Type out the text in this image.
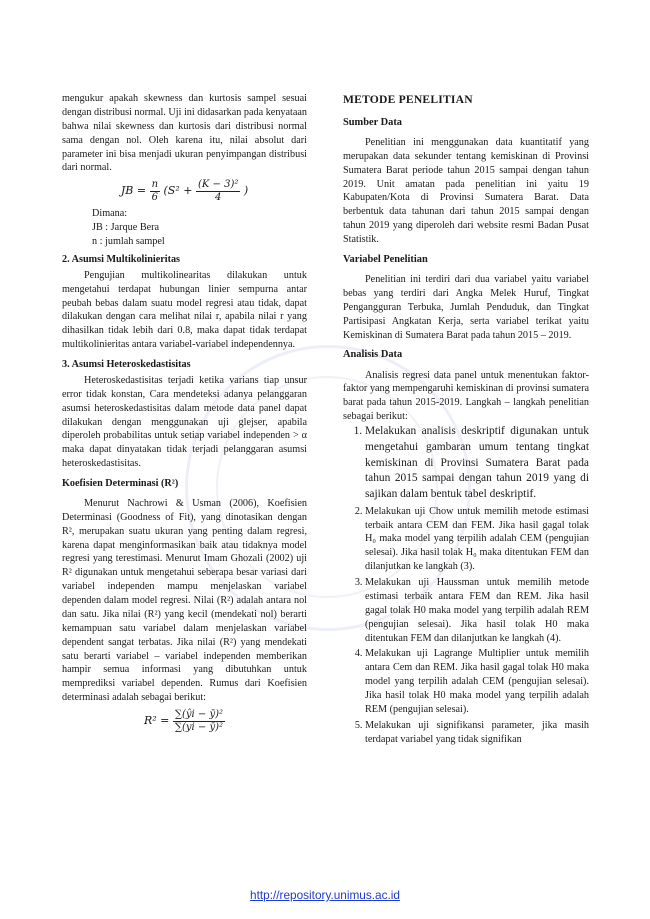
mengukur apakah skewness dan kurtosis sampel sesuai dengan distribusi normal. Uji ini didasarkan pada kenyataan bahwa nilai skewness dan kurtosis dari distribusi normal sama dengan nol. Oleh karena itu, nilai absolut dari parameter ini bisa menjadi ukuran penyimpangan distribusi dari normal.

JB = $\frac{n}{6} (S^2 + \frac{\text{(K − 3)²}}{4}$ )
Dimana:
JB : Jarque Bera
n : jumlah sampel
2. Asumsi Multikolinieritas

Pengujian multikolinearitas dilakukan untuk mengetahui terdapat hubungan linier sempurna antar peubah bebas dalam suatu model regresi atau tidak, dapat dilakukan dengan cara melihat nilai r, apabila nilai r yang dihasilkan tidak lebih dari 0.8, maka dapat tidak terdapat multikolinieritas antara variabel-variabel independennya.

3. Asumsi Heteroskedastisitas

Heteroskedastisitas terjadi ketika varians tiap unsur error tidak konstan, Cara mendeteksi adanya pelanggaran asumsi heteroskedastisitas dalam metode data panel dapat dilakukan dengan menggunakan uji glejser, apabila diperoleh probabilitas untuk setiap variabel independen > α maka dapat dinyatakan tidak terjadi pelanggaran asumsi heteroskedastisitas.

Koefisien Determinasi (R²)

Menurut Nachrowi & Usman (2006), Koefisien Determinasi (Goodness of Fit), yang dinotasikan dengan R², merupakan suatu ukuran yang penting dalam regresi, karena dapat menginformasikan baik atau tidaknya model regresi yang terestimasi. Menurut Imam Ghozali (2002) uji R² digunakan untuk mengetahui seberapa besar variasi dari variabel independen mampu menjelaskan variabel dependen dalam model regresi. Nilai (R²) adalah antara nol dan satu. Jika nilai (R²) yang kecil (mendekati nol) berarti kemampuan satu variabel dalam menjelaskan variabel dependent sangat terbatas. Jika nilai (R²) yang mendekati satu berarti variabel – variabel independen memberikan hampir semua informasi yang dibutuhkan untuk memprediksi variabel dependen. Rumus dari Koefisien determinasi adalah sebagai berikut:

$R^2 = \frac{\text{∑(ŷi − ȳ)²}}{\text{∑(yi − ȳ)²}}$
METODE PENELITIAN
Sumber Data

Penelitian ini menggunakan data kuantitatif yang merupakan data sekunder tentang kemiskinan di Provinsi Sumatera Barat periode tahun 2015 sampai dengan tahun 2019. Unit amatan pada penelitian ini yaitu 19 Kabupaten/Kota di Provinsi Sumatera Barat. Data berbentuk data tahunan dari tahun 2015 sampai dengan tahun 2019 yang diperoleh dari website resmi Badan Pusat Statistik.

Variabel Penelitian

Penelitian ini terdiri dari dua variabel yaitu variabel bebas yang terdiri dari Angka Melek Huruf, Tingkat Pengangguran Terbuka, Jumlah Penduduk, dan Tingkat Partisipasi Angkatan Kerja, serta variabel terikat yaitu Kemiskinan di Sumatera Barat pada tahun 2015 – 2019.

Analisis Data

Analisis regresi data panel untuk menentukan faktor-faktor yang mempengaruhi kemiskinan di provinsi sumatera barat pada tahun 2015-2019. Langkah – langkah penelitian sebagai berikut:

1. Melakukan analisis deskriptif digunakan untuk mengetahui gambaran umum tentang tingkat kemiskinan di Provinsi Sumatera Barat pada tahun 2015 sampai dengan tahun 2019 yang di sajikan dalam bentuk tabel deskriptif.
2. Melakukan uji Chow untuk memilih metode estimasi terbaik antara CEM dan FEM. Jika hasil gagal tolak H₀ maka model yang terpilih adalah CEM (pengujian selesai). Jika hasil tolak H₀ maka ditentukan FEM dan dilanjutkan ke langkah (3).
3. Melakukan uji Haussman untuk memilih metode estimasi terbaik antara FEM dan REM. Jika hasil gagal tolak H0 maka model yang terpilih adalah REM (pengujian selesai). Jika hasil tolak H0 maka ditentukan FEM dan dilanjutkan ke langkah (4).
4. Melakukan uji Lagrange Multiplier untuk memilih antara Cem dan REM. Jika hasil gagal tolak H0 maka model yang terpilih adalah CEM (pengujian selesai). Jika hasil tolak H0 maka model yang terpilih adalah REM (pengujian selesai).
5. Melakukan uji signifikansi parameter, jika masih terdapat variabel yang tidak signifikan
http://repository.unimus.ac.id
